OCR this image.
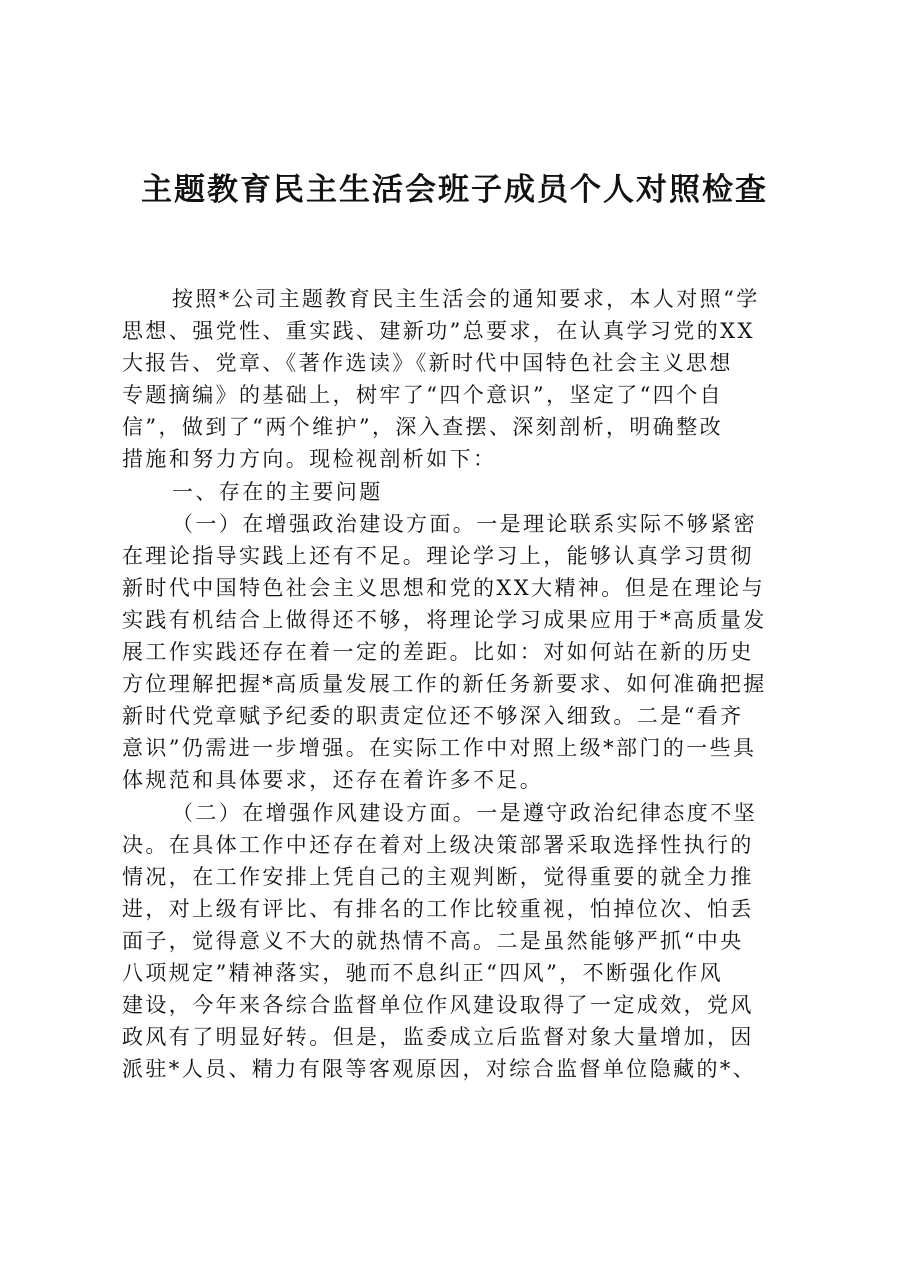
主题教育民主生活会班子成员个人对照检查
按照*公司主题教育民主生活会的通知要求，本人对照“学
思想、强党性、重实践、建新功”总要求，在认真学习党的XX
大报告、党章、《著作选读》《新时代中国特色社会主义思想
专题摘编》的基础上，树牢了“四个意识”，坚定了“四个自
信”，做到了“两个维护”，深入查摆、深刻剖析，明确整改
措施和努力方向。现检视剖析如下：
一、存在的主要问题
（一）在增强政治建设方面。一是理论联系实际不够紧密
在理论指导实践上还有不足。理论学习上，能够认真学习贯彻
新时代中国特色社会主义思想和党的XX大精神。但是在理论与
实践有机结合上做得还不够，将理论学习成果应用于*高质量发
展工作实践还存在着一定的差距。比如：对如何站在新的历史
方位理解把握*高质量发展工作的新任务新要求、如何准确把握
新时代党章赋予纪委的职责定位还不够深入细致。二是“看齐
意识”仍需进一步增强。在实际工作中对照上级*部门的一些具
体规范和具体要求，还存在着许多不足。
（二）在增强作风建设方面。一是遵守政治纪律态度不坚
决。在具体工作中还存在着对上级决策部署采取选择性执行的
情况，在工作安排上凭自己的主观判断，觉得重要的就全力推
进，对上级有评比、有排名的工作比较重视，怕掉位次、怕丢
面子，觉得意义不大的就热情不高。二是虽然能够严抓“中央
八项规定”精神落实，驰而不息纠正“四风”，不断强化作风
建设，今年来各综合监督单位作风建设取得了一定成效，党风
政风有了明显好转。但是，监委成立后监督对象大量增加，因
派驻*人员、精力有限等客观原因，对综合监督单位隐藏的*、
